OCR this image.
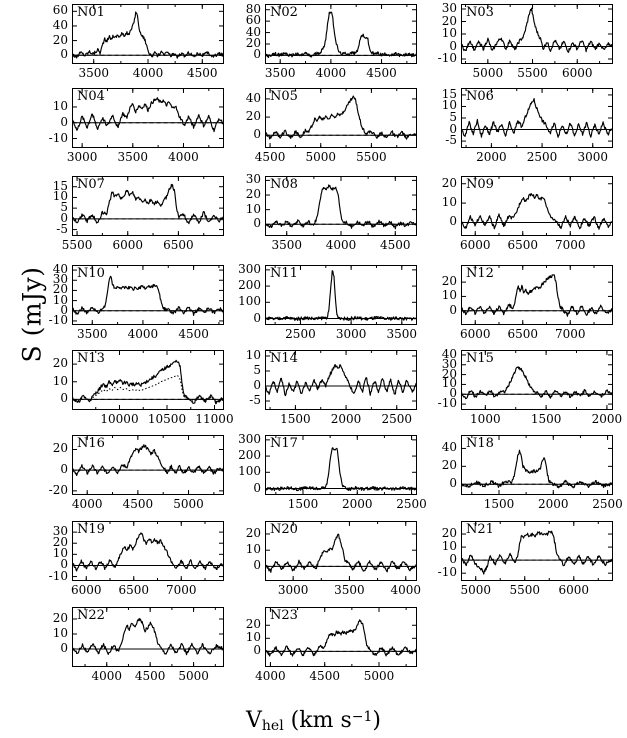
S (mJy)
$V_{hel}$ (km $s^{-1}$)
N01
0
20
40
60
3500	4000	4500
N02
0
20
40
60
80
3500	4000	4500
N03
-10
0
10
20
30
5000	5500	6000
N04
-10
0
10
3000	3500	4000
N05
0
20
40
4500	5000	5500
N06
-5
0
5
10
15
2000	2500	3000
N07
-5
0
5
10
15
5500	6000	6500
N08
0
10
20
30
3500	4000	4500
N09
0
10
20
6000	6500	7000
N10
-10
0
10
20
30
40
3500	4000	4500
N11
0
100
200
300
2500	3000	3500
N12
0
10
20
6000	6500	7000
N13
0
10
20
10000 10500 11000
N14
-5
0
5
10
1500	2000	2500
N15
-10
0
10
20
30
40
1000	1500	2000
N16
-20
0
20
4000	4500	5000
N17
0
100
200
300
1500	2000	2500
N18
0
20
40
1500	2000	2500
N19
-10
0
10
20
30
6000	6500	7000
N20
0
10
20
3000	3500	4000
N21
-10
0
10
20
5000	5500	6000
N22
0
10
20
4000	4500	5000
N23
0
10
20
4000	4500	5000
